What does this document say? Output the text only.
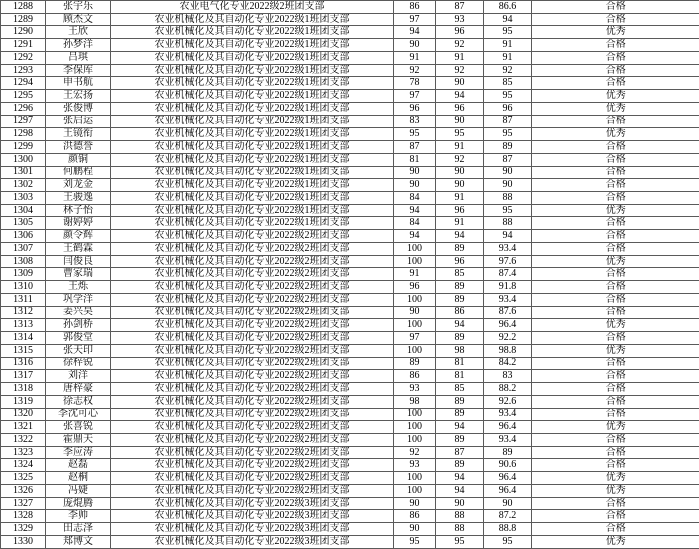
1288	张宇乐	农业电气化专业2022级2班团支部	86	87	86.6	合格
1289	顾杰文	农业机械化及其自动化专业2022级1班团支部	97	93	94	合格
1290	王欣	农业机械化及其自动化专业2022级1班团支部	94	96	95	优秀
1291	孙梦洋	农业机械化及其自动化专业2022级1班团支部	90	92	91	合格
1292	吕琪	农业机械化及其自动化专业2022级1班团支部	91	91	91	合格
1293	李保库	农业机械化及其自动化专业2022级1班团支部	92	92	92	合格
1294	申书航	农业机械化及其自动化专业2022级1班团支部	78	90	85	合格
1295	王宏扬	农业机械化及其自动化专业2022级1班团支部	97	94	95	优秀
1296	张俊博	农业机械化及其自动化专业2022级1班团支部	96	96	96	优秀
1297	张启运	农业机械化及其自动化专业2022级1班团支部	83	90	87	合格
1298	王镜衔	农业机械化及其自动化专业2022级1班团支部	95	95	95	优秀
1299	洪德誉	农业机械化及其自动化专业2022级1班团支部	87	91	89	合格
1300	颜铜	农业机械化及其自动化专业2022级1班团支部	81	92	87	合格
1301	何鹏程	农业机械化及其自动化专业2022级1班团支部	90	90	90	合格
1302	刘龙金	农业机械化及其自动化专业2022级1班团支部	90	90	90	合格
1303	王骏逸	农业机械化及其自动化专业2022级1班团支部	84	91	88	合格
1304	林子怡	农业机械化及其自动化专业2022级1班团支部	94	96	95	优秀
1305	谢婷婷	农业机械化及其自动化专业2022级1班团支部	84	91	88	合格
1306	颜令辉	农业机械化及其自动化专业2022级2班团支部	94	94	94	合格
1307	王鹤霖	农业机械化及其自动化专业2022级2班团支部	100	89	93.4	合格
1308	闫俊良	农业机械化及其自动化专业2022级2班团支部	100	96	97.6	优秀
1309	曹家瑞	农业机械化及其自动化专业2022级2班团支部	91	85	87.4	合格
1310	王烁	农业机械化及其自动化专业2022级2班团支部	96	89	91.8	合格
1311	巩学洋	农业机械化及其自动化专业2022级2班团支部	100	89	93.4	合格
1312	姜兴昊	农业机械化及其自动化专业2022级2班团支部	90	86	87.6	合格
1313	孙剑桥	农业机械化及其自动化专业2022级2班团支部	100	94	96.4	优秀
1314	郭俊堂	农业机械化及其自动化专业2022级2班团支部	97	89	92.2	合格
1315	张天印	农业机械化及其自动化专业2022级2班团支部	100	98	98.8	优秀
1316	徐梓锐	农业机械化及其自动化专业2022级2班团支部	89	81	84.2	合格
1317	刘洋	农业机械化及其自动化专业2022级2班团支部	86	81	83	合格
1318	唐梓豪	农业机械化及其自动化专业2022级2班团支部	93	85	88.2	合格
1319	徐志权	农业机械化及其自动化专业2022级2班团支部	98	89	92.6	合格
1320	李沈可心	农业机械化及其自动化专业2022级2班团支部	100	89	93.4	合格
1321	张喜锐	农业机械化及其自动化专业2022级2班团支部	100	94	96.4	优秀
1322	霍鼎天	农业机械化及其自动化专业2022级2班团支部	100	89	93.4	合格
1323	李应涛	农业机械化及其自动化专业2022级2班团支部	92	87	89	合格
1324	赵磊	农业机械化及其自动化专业2022级2班团支部	93	89	90.6	合格
1325	赵桐	农业机械化及其自动化专业2022级2班团支部	100	94	96.4	优秀
1326	冯婕	农业机械化及其自动化专业2022级2班团支部	100	94	96.4	优秀
1327	庞焜腾	农业机械化及其自动化专业2022级3班团支部	90	90	90	合格
1328	李帅	农业机械化及其自动化专业2022级3班团支部	86	88	87.2	合格
1329	田志泽	农业机械化及其自动化专业2022级3班团支部	90	88	88.8	合格
1330	郑博文	农业机械化及其自动化专业2022级3班团支部	95	95	95	优秀
